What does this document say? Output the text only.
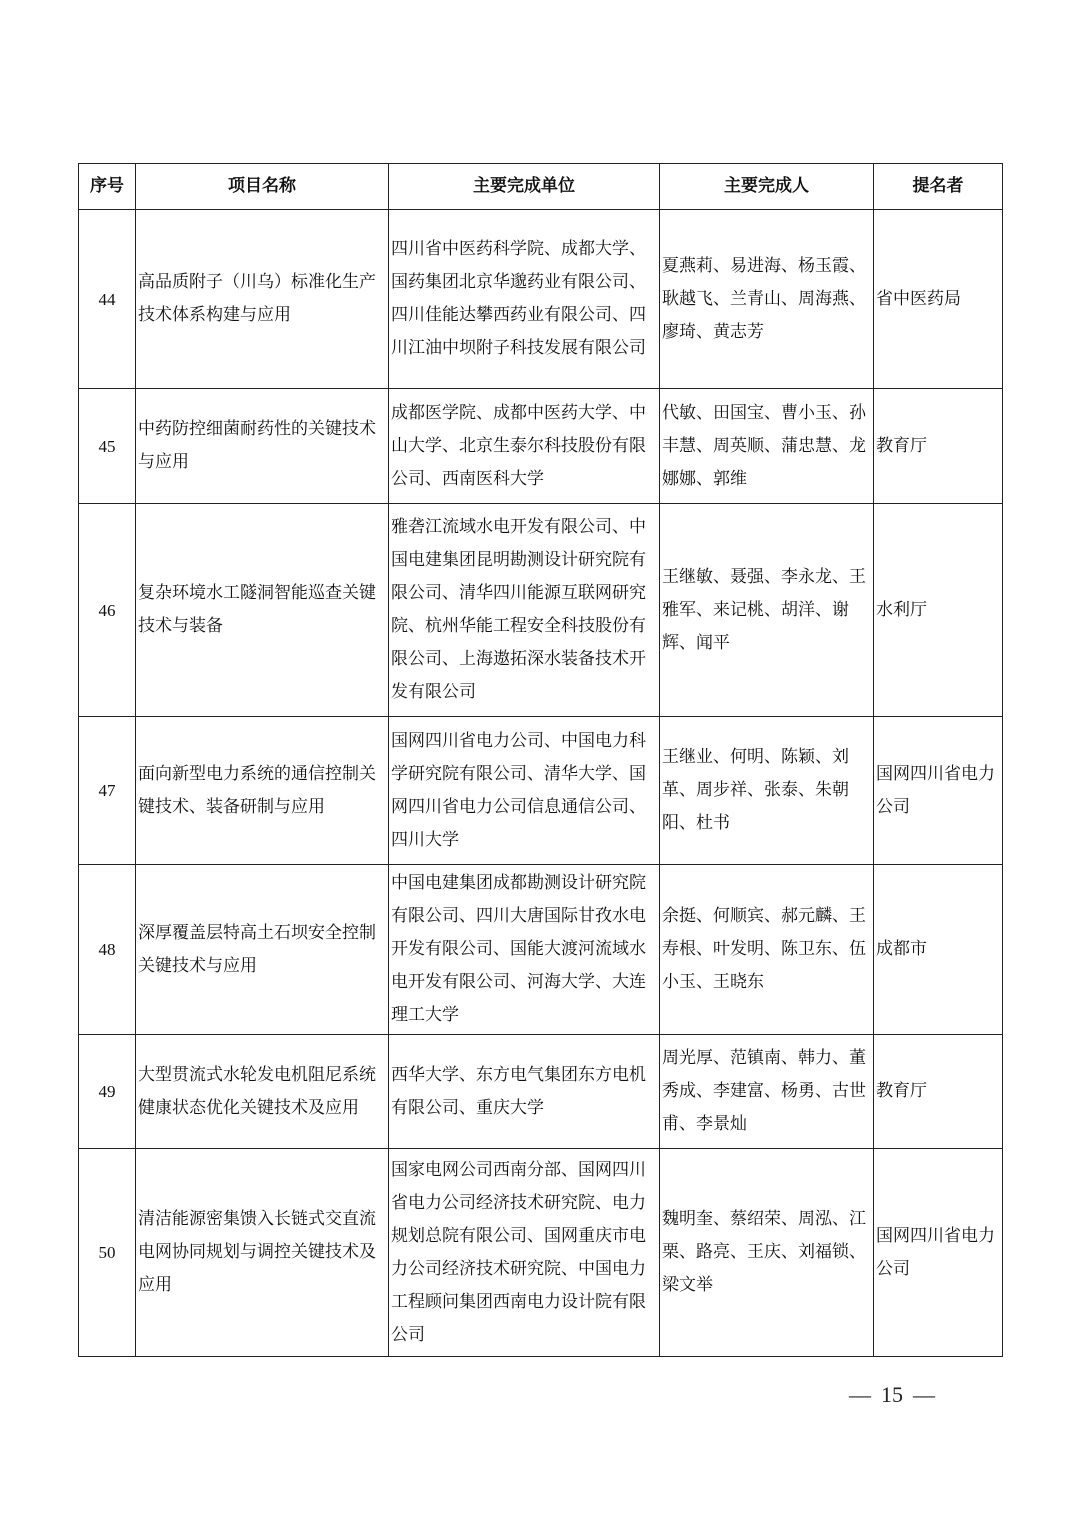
序号	项目名称	主要完成单位	主要完成人	提名者
44	高品质附子（川乌）标准化生产技术体系构建与应用	四川省中医药科学院、成都大学、国药集团北京华邈药业有限公司、四川佳能达攀西药业有限公司、四川江油中坝附子科技发展有限公司	夏燕莉、易进海、杨玉霞、耿越飞、兰青山、周海燕、廖琦、黄志芳	省中医药局
45	中药防控细菌耐药性的关键技术与应用	成都医学院、成都中医药大学、中山大学、北京生泰尔科技股份有限公司、西南医科大学	代敏、田国宝、曹小玉、孙丰慧、周英顺、蒲忠慧、龙娜娜、郭维	教育厅
46	复杂环境水工隧洞智能巡查关键技术与装备	雅砻江流域水电开发有限公司、中国电建集团昆明勘测设计研究院有限公司、清华四川能源互联网研究院、杭州华能工程安全科技股份有限公司、上海遨拓深水装备技术开发有限公司	王继敏、聂强、李永龙、王雅军、来记桃、胡洋、谢辉、闻平	水利厅
47	面向新型电力系统的通信控制关键技术、装备研制与应用	国网四川省电力公司、中国电力科学研究院有限公司、清华大学、国网四川省电力公司信息通信公司、四川大学	王继业、何明、陈颖、刘革、周步祥、张泰、朱朝阳、杜书	国网四川省电力公司
48	深厚覆盖层特高土石坝安全控制关键技术与应用	中国电建集团成都勘测设计研究院有限公司、四川大唐国际甘孜水电开发有限公司、国能大渡河流域水电开发有限公司、河海大学、大连理工大学	余挺、何顺宾、郝元麟、王寿根、叶发明、陈卫东、伍小玉、王晓东	成都市
49	大型贯流式水轮发电机阻尼系统健康状态优化关键技术及应用	西华大学、东方电气集团东方电机有限公司、重庆大学	周光厚、范镇南、韩力、董秀成、李建富、杨勇、古世甫、李景灿	教育厅
50	清洁能源密集馈入长链式交直流电网协同规划与调控关键技术及应用	国家电网公司西南分部、国网四川省电力公司经济技术研究院、电力规划总院有限公司、国网重庆市电力公司经济技术研究院、中国电力工程顾问集团西南电力设计院有限公司	魏明奎、蔡绍荣、周泓、江栗、路亮、王庆、刘福锁、梁文举	国网四川省电力公司
— 15 —
